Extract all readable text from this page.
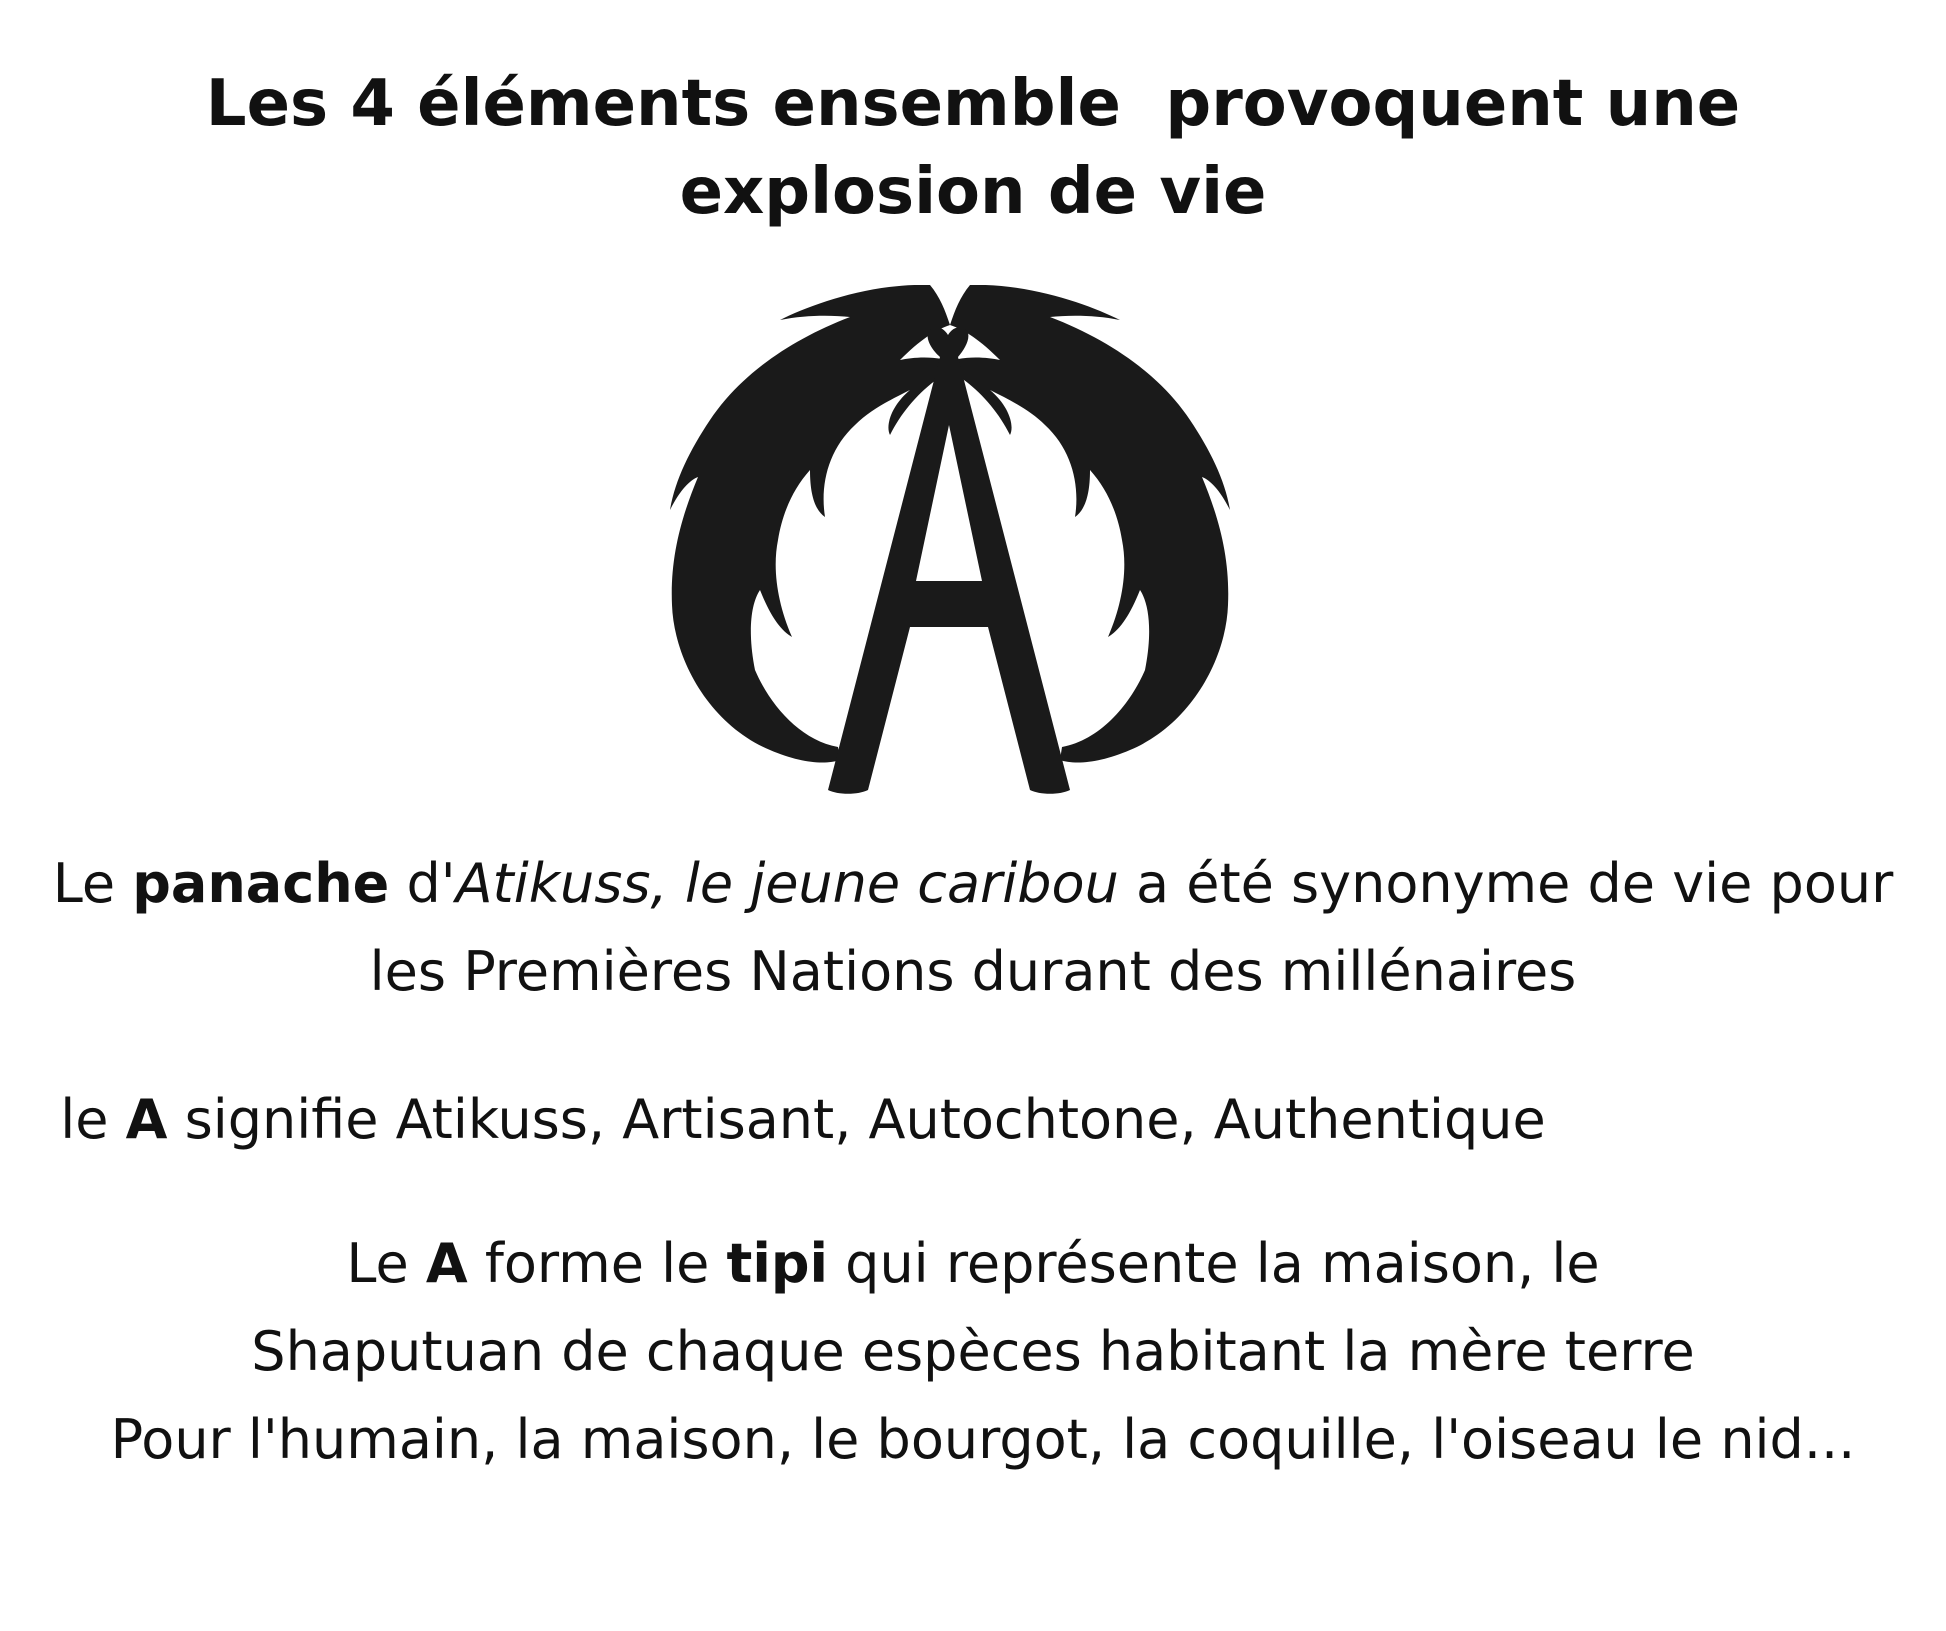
Les 4 éléments ensemble  provoquent une
explosion de vie

Le panache d'Atikuss, le jeune caribou a été synonyme de vie pour
les Premières Nations durant des millénaires

le A signifie Atikuss, Artisant, Autochtone, Authentique

Le A forme le tipi qui représente la maison, le
Shaputuan de chaque espèces habitant la mère terre
Pour l'humain, la maison, le bourgot, la coquille, l'oiseau le nid...
